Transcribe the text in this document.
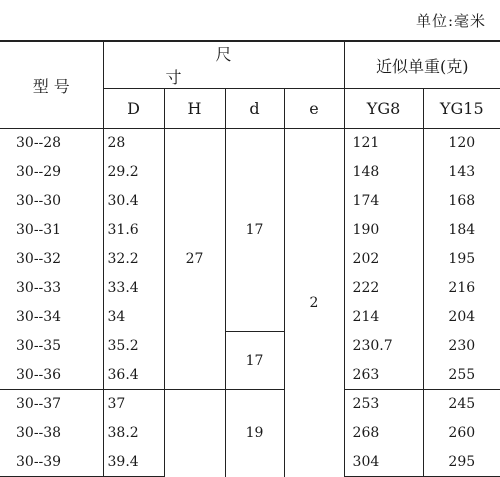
单位:毫米
型 号	尺 寸				近似单重(克)	
	D	H	d	e	YG8	YG15
30--28	28	27	17	2	121	120
30--29	29.2				148	143
30--30	30.4				174	168
30--31	31.6				190	184
30--32	32.2				202	195
30--33	33.4				222	216
30--34	34				214	204
30--35	35.2		17		230.7	230
30--36	36.4				263	255
30--37	37		19		253	245
30--38	38.2				268	260
30--39	39.4				304	295
